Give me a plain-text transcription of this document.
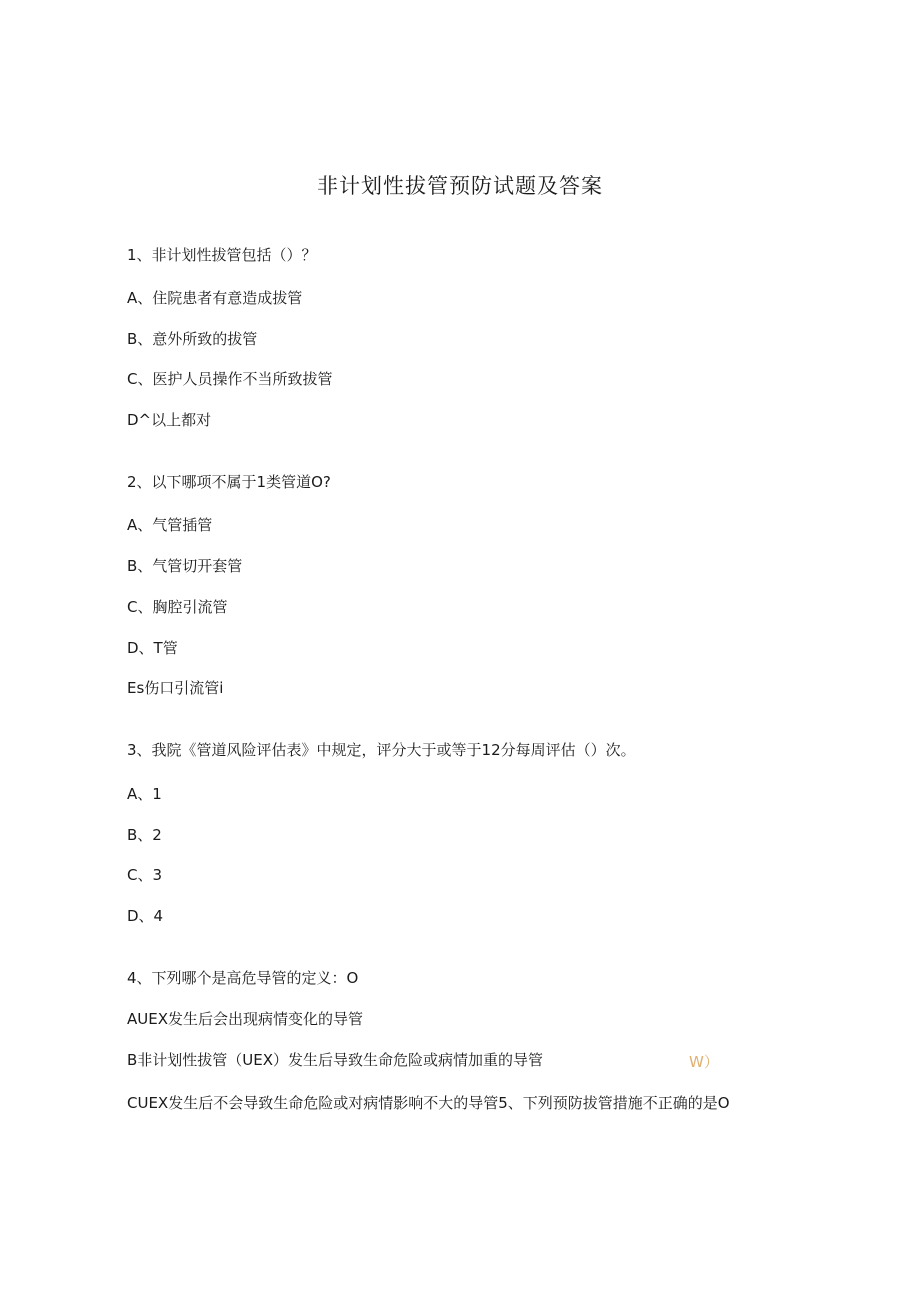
非计划性拔管预防试题及答案
1、非计划性拔管包括（）？
A、住院患者有意造成拔管
B、意外所致的拔管
C、医护人员操作不当所致拔管
D^以上都对
2、以下哪项不属于1类管道O?
A、气管插管
B、气管切开套管
C、胸腔引流管
D、T管
Es伤口引流管i
3、我院《管道风险评估表》中规定，评分大于或等于12分每周评估（）次。
A、1
B、2
C、3
D、4
4、下列哪个是高危导管的定义：O
AUEX发生后会出现病情变化的导管
B非计划性拔管（UEX）发生后导致生命危险或病情加重的导管	W）
CUEX发生后不会导致生命危险或对病情影响不大的导管5、下列预防拔管措施不正确的是O
